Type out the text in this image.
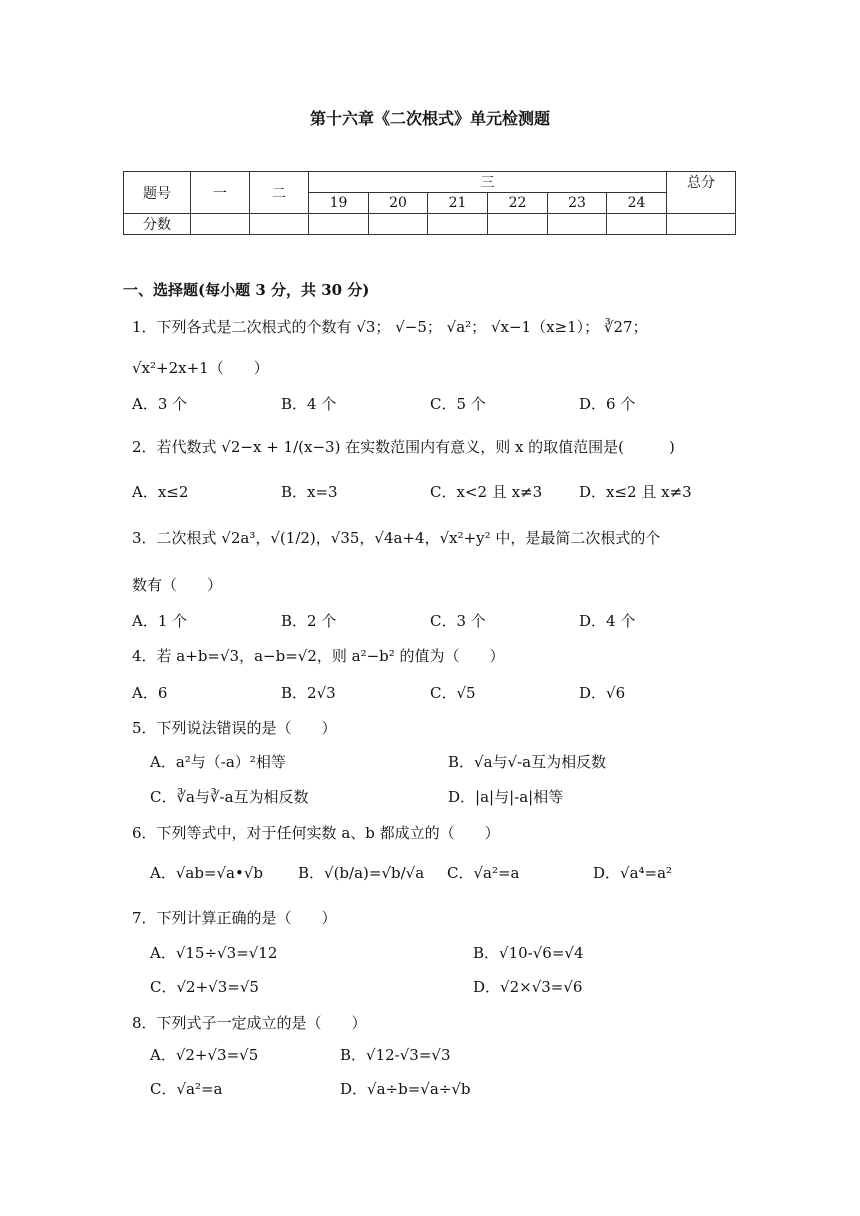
第十六章《二次根式》单元检测题
题号	一	二	三						总分
			19	20	21	22	23	24	
分数									
一、选择题(每小题 3 分，共 30 分)
1．下列各式是二次根式的个数有 √3； √−5； √a²； √x−1（x≥1）； ∛27；
√x²+2x+1（　　）
A．3 个	B．4 个	C．5 个	D．6 个
2．若代数式 √2−x + 1/(x−3) 在实数范围内有意义，则 x 的取值范围是(　　　)
A．x≤2	B．x=3	C．x<2 且 x≠3 D．x≤2 且 x≠3
3．二次根式 √2a³，√(1/2)，√35，√4a+4，√x²+y² 中，是最简二次根式的个
数有（　　）
A．1 个	B．2 个	C．3 个	D．4 个
4．若 a+b=√3，a−b=√2，则 a²−b² 的值为（　　）
A．6	B．2√3	C．√5	D．√6
5．下列说法错误的是（　　）
A．a²与（-a）²相等	B．√a与√-a互为相反数
C．∛a与∛-a互为相反数	D．|a|与|-a|相等
6．下列等式中，对于任何实数 a、b 都成立的（　　）
A．√ab=√a•√b B．√(b/a)=√b/√a C．√a²=a	D．√a⁴=a²
7．下列计算正确的是（　　）
A．√15÷√3=√12	B．√10-√6=√4
C．√2+√3=√5	D．√2×√3=√6
8．下列式子一定成立的是（　　）
A．√2+√3=√5	B．√12-√3=√3
C．√a²=a	D．√a÷b=√a÷√b
